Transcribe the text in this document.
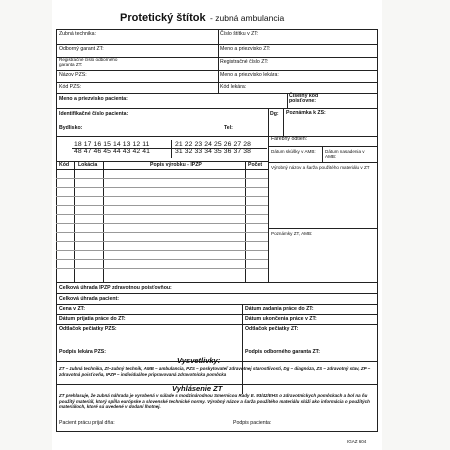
Protetický štítok - zubná ambulancia
Zubná technika:	Číslo štítku v ZT:
Odborný garant ZT:	Meno a priezvisko ZT:
Registračné číslo odborného garanta ZT:	Registračné číslo ZT:
Názov PZS:	Meno a priezvisko lekára:
Kód PZS:	Kód lekára:
Meno a priezvisko pacienta:	Číselný kód poisťovne:
Identifikačné číslo pacienta:	Dg: Poznámka k ZS:
Bydlisko:	Tel:
18 17 16 15 14 13 12 11	21 22 23 24 25 26 27 28
48 47 46 45 44 43 42 41	31 32 33 34 35 36 37 38
Farebný odtieň:
Dátum skúšky v AMB:	Dátum nasadenia v AMB:
Výrobný názov a šarža použitého materiálu v ZT
Poznámky ZT, AMB:
Kód Lokácia	Popis výrobku - IPZP	Počet
Celková úhrada IPZP zdravotnou poisťovňou:
Celková úhrada pacient:
Cena v ZT:	Dátum zadania práce do ZT:
Dátum prijatia práce do ZT:	Dátum ukončenia práce v ZT:
Odtlačok pečiatky PZS:	Odtlačok pečiatky ZT:
Podpis lekára PZS:	Podpis odborného garanta ZT:
Vysvetlivky:
ZT – zubná technika, Zt–zubný technik, AMB – ambulancia, PZS – poskytovateľ zdravotnej starostlivosti, Dg – diagnóza, ZS – zdravotný stav, ZP – zdravotná poisťovňa, IPZP – individuálne pripravovaná zdravotnícka pomôcka
Vyhlásenie ZT
ZT prehlasuje, že zubná náhrada je vyrobená v súlade s modzinárodnou Smernicou Rady E. 93/42/EHS o zdravotníckych pomôckach a bol na ňu použitý materiál, ktorý spĺňa európske a slovenské technické normy. Výrobný názov a šarža použitého materiálu slúži ako informácia o použitých materiáloch, ktoré sú uvedené v dodaní lhotnej.
Pacient prácu prijal dňa:	Podpis pacienta:
IGAZ 604
